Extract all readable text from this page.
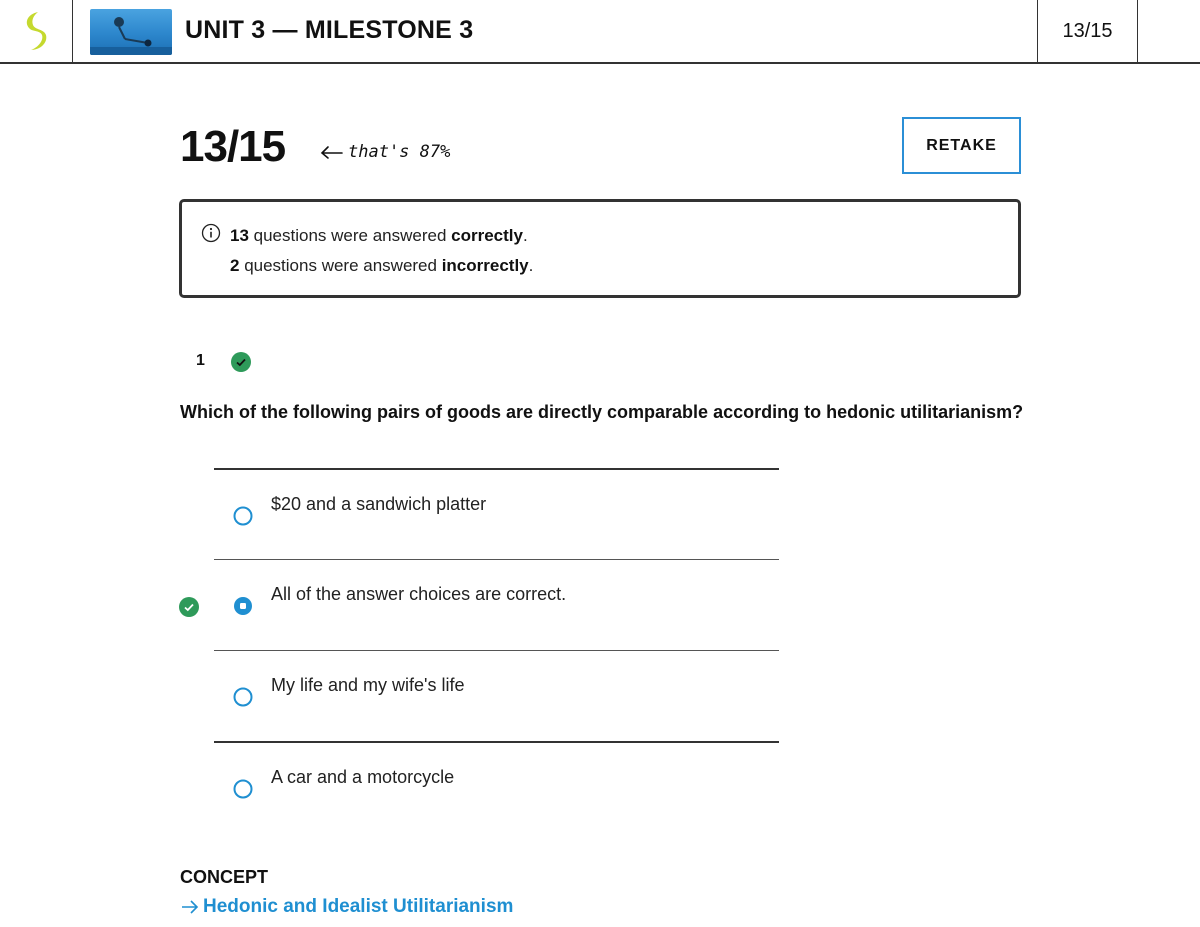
UNIT 3 — MILESTONE 3	13/15
13/15	that's 87%	RETAKE
13 questions were answered correctly.
2 questions were answered incorrectly.
1
Which of the following pairs of goods are directly comparable according to hedonic utilitarianism?
$20 and a sandwich platter
All of the answer choices are correct.
My life and my wife's life
A car and a motorcycle
CONCEPT
Hedonic and Idealist Utilitarianism
